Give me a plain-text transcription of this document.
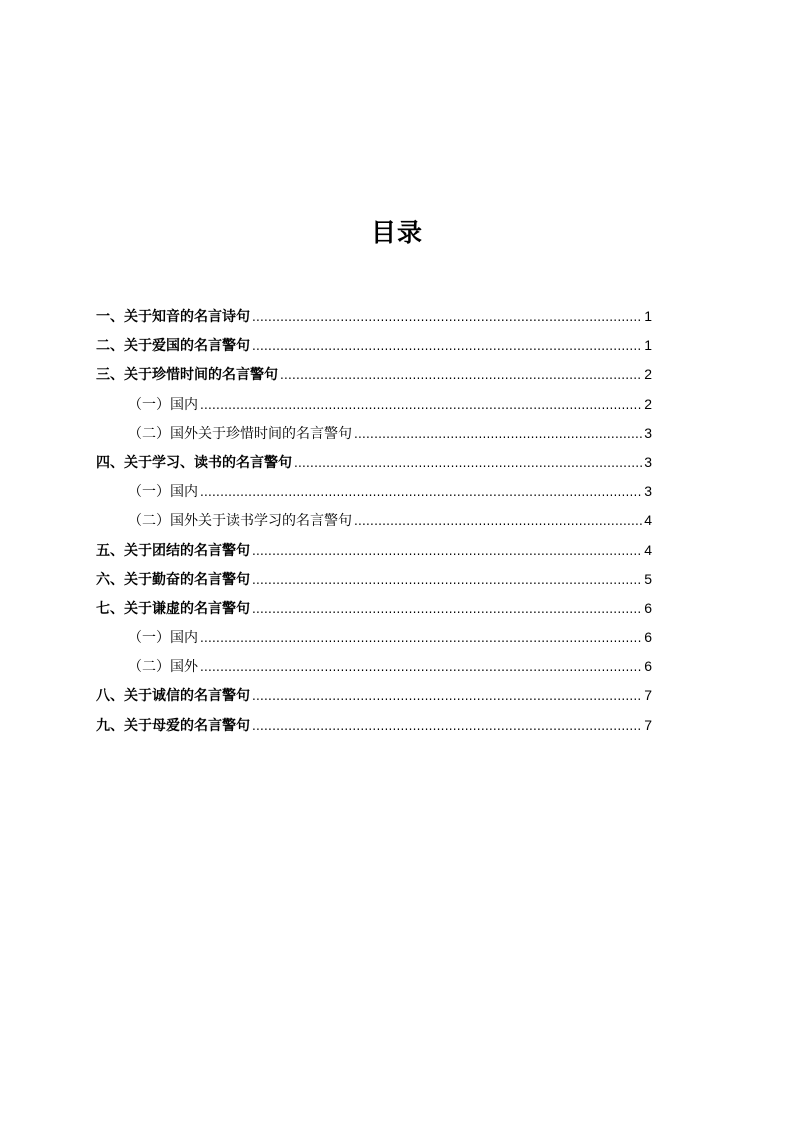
目录
一、关于知音的名言诗句 .....	1
二、关于爱国的名言警句 .....	1
三、关于珍惜时间的名言警句 .....	2
（一）国内 .....	2
（二）国外关于珍惜时间的名言警句 .....	3
四、关于学习、读书的名言警句 .....	3
（一）国内 .....	3
（二）国外关于读书学习的名言警句 .....	4
五、关于团结的名言警句 .....	4
六、关于勤奋的名言警句 .....	5
七、关于谦虚的名言警句 .....	6
（一）国内 .....	6
（二）国外 .....	6
八、关于诚信的名言警句 .....	7
九、关于母爱的名言警句 .....	7
